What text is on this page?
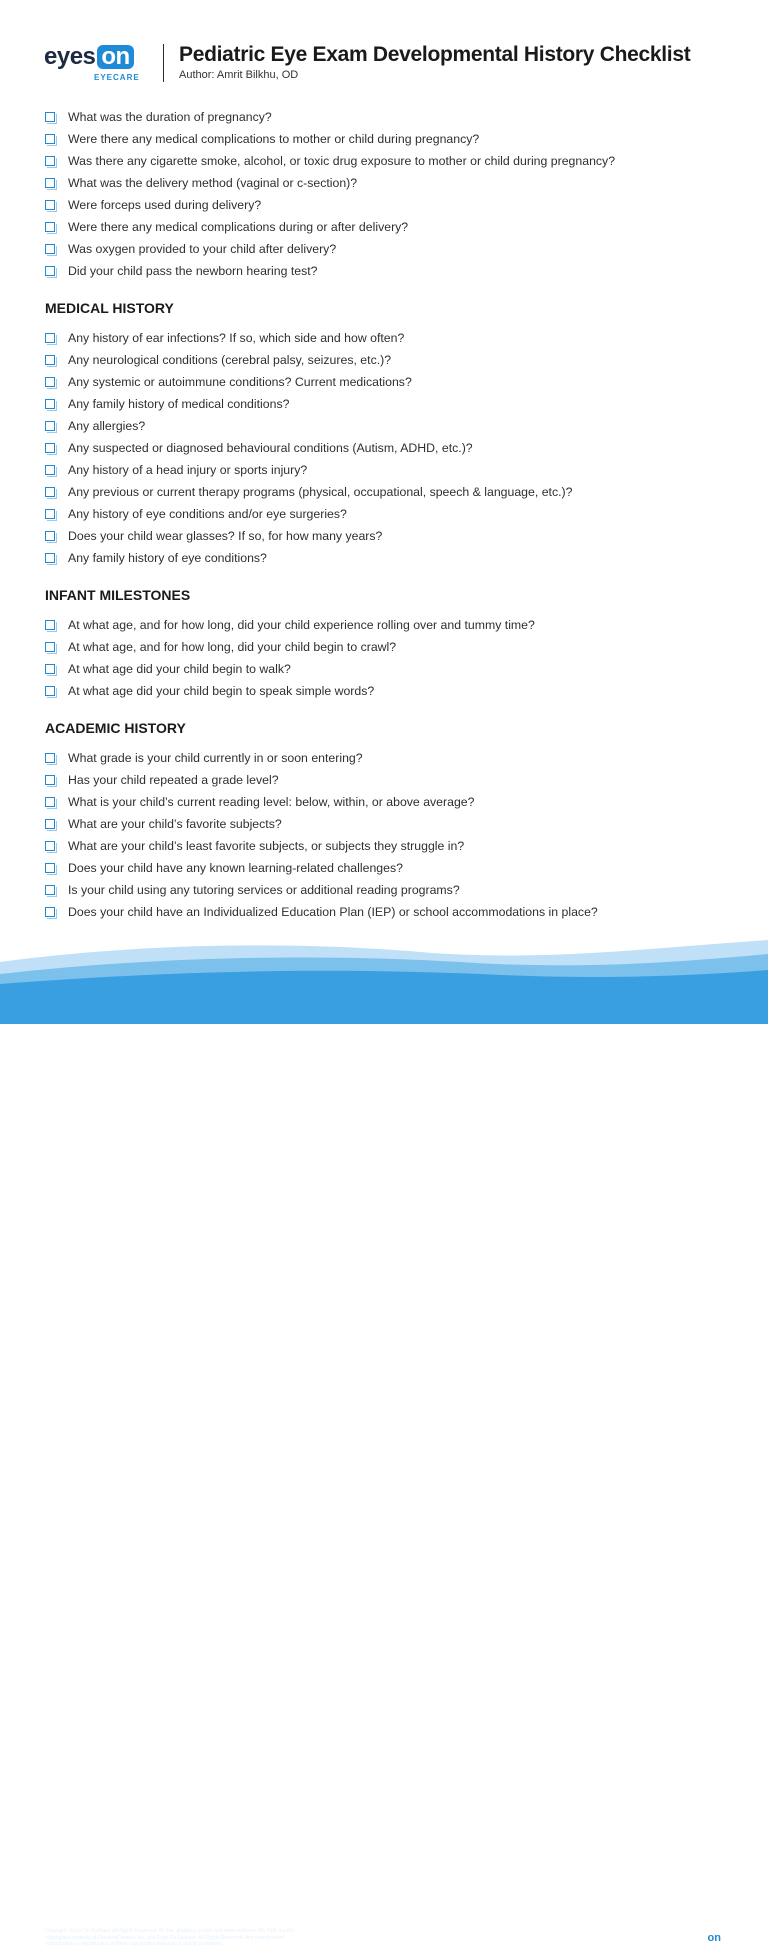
eyes on
EYECARE
Pediatric Eye Exam Developmental History Checklist
Author: Amrit Bilkhu, OD
What was the duration of pregnancy?
Were there any medical complications to mother or child during pregnancy?
Was there any cigarette smoke, alcohol, or toxic drug exposure to mother or child during pregnancy?
What was the delivery method (vaginal or c-section)?
Were forceps used during delivery?
Were there any medical complications during or after delivery?
Was oxygen provided to your child after delivery?
Did your child pass the newborn hearing test?
MEDICAL HISTORY
Any history of ear infections? If so, which side and how often?
Any neurological conditions (cerebral palsy, seizures, etc.)?
Any systemic or autoimmune conditions? Current medications?
Any family history of medical conditions?
Any allergies?
Any suspected or diagnosed behavioural conditions (Autism, ADHD, etc.)?
Any history of a head injury or sports injury?
Any previous or current therapy programs (physical, occupational, speech & language, etc.)?
Any history of eye conditions and/or eye surgeries?
Does your child wear glasses? If so, for how many years?
Any family history of eye conditions?
INFANT MILESTONES
At what age, and for how long, did your child experience rolling over and tummy time?
At what age, and for how long, did your child begin to crawl?
At what age did your child begin to walk?
At what age did your child begin to speak simple words?
ACADEMIC HISTORY
What grade is your child currently in or soon entering?
Has your child repeated a grade level?
What is your child’s current reading level: below, within, or above average?
What are your child’s favorite subjects?
What are your child’s least favorite subjects, or subjects they struggle in?
Does your child have any known learning-related challenges?
Is your child using any tutoring services or additional reading programs?
Does your child have an Individualized Education Plan (IEP) or school accommodations in place?
Copyright - Eyes On Eyecare. All Rights Reserved. All text, graphics, scripts and other works on this PDF are the copyrighted property of CovalentCareers, Inc. dba Eyes On Eyecare. All Rights Reserved. Any unauthorized redistribution or reproduction of these copyrighted materials is strictly prohibited.
Download dozens of free cheat sheets
just like this at eyesoneyecare.com! eyes on
EYECARE
